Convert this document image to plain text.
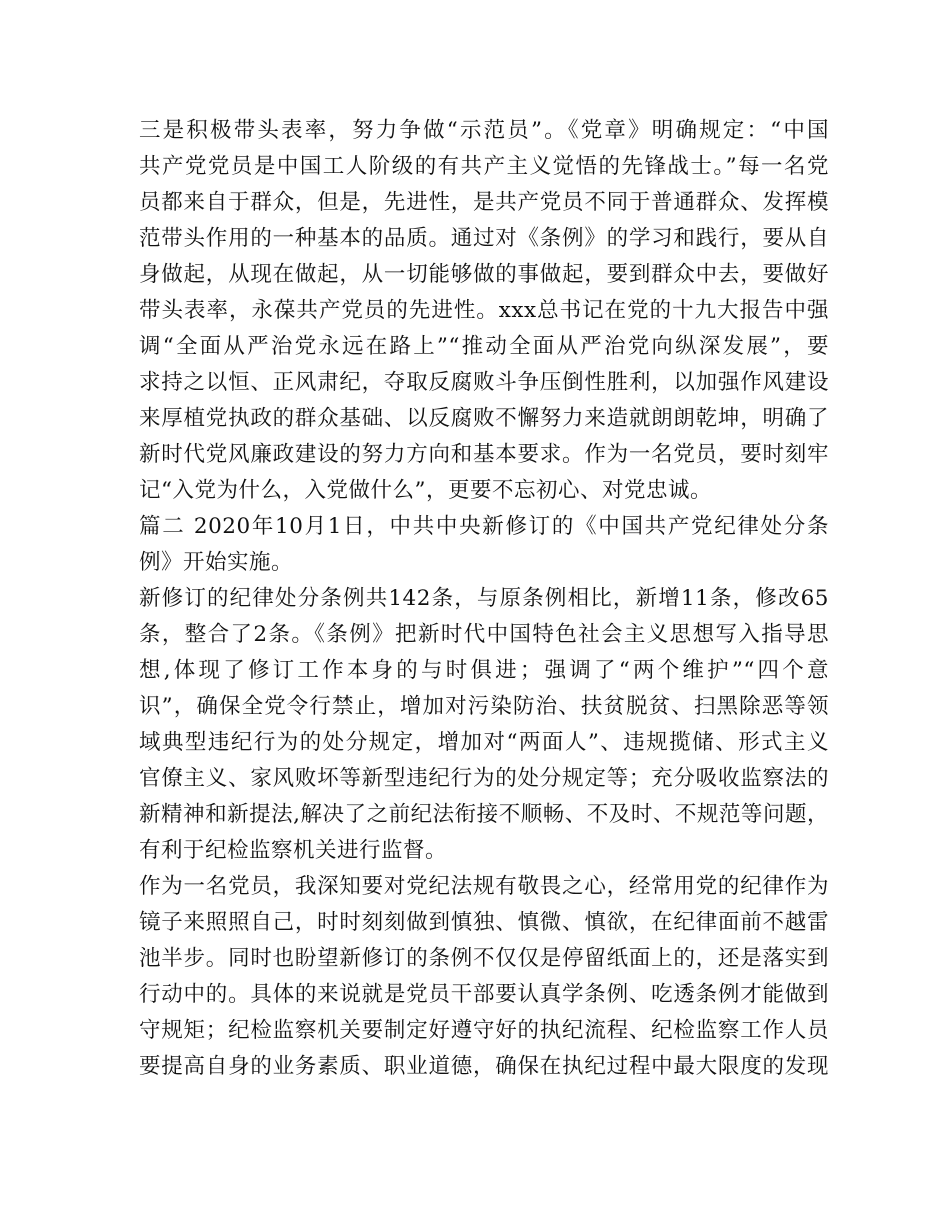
三是积极带头表率，努力争做“示范员”。《党章》明确规定：“中国
共产党党员是中国工人阶级的有共产主义觉悟的先锋战士。”每一名党
员都来自于群众，但是，先进性，是共产党员不同于普通群众、发挥模
范带头作用的一种基本的品质。通过对《条例》的学习和践行，要从自
身做起，从现在做起，从一切能够做的事做起，要到群众中去，要做好
带头表率，永葆共产党员的先进性。xxx总书记在党的十九大报告中强
调“全面从严治党永远在路上”“推动全面从严治党向纵深发展”，要
求持之以恒、正风肃纪，夺取反腐败斗争压倒性胜利，以加强作风建设
来厚植党执政的群众基础、以反腐败不懈努力来造就朗朗乾坤，明确了
新时代党风廉政建设的努力方向和基本要求。作为一名党员，要时刻牢
记“入党为什么，入党做什么”，更要不忘初心、对党忠诚。
篇二 2020年10月1日，中共中央新修订的《中国共产党纪律处分条
例》开始实施。
新修订的纪律处分条例共142条，与原条例相比，新增11条，修改65
条，整合了2条。《条例》把新时代中国特色社会主义思想写入指导思
想,体现了修订工作本身的与时俱进；强调了“两个维护”“四个意
识”，确保全党令行禁止，增加对污染防治、扶贫脱贫、扫黑除恶等领
域典型违纪行为的处分规定，增加对“两面人”、违规揽储、形式主义
官僚主义、家风败坏等新型违纪行为的处分规定等；充分吸收监察法的
新精神和新提法,解决了之前纪法衔接不顺畅、不及时、不规范等问题，
有利于纪检监察机关进行监督。
作为一名党员，我深知要对党纪法规有敬畏之心，经常用党的纪律作为
镜子来照照自己，时时刻刻做到慎独、慎微、慎欲，在纪律面前不越雷
池半步。同时也盼望新修订的条例不仅仅是停留纸面上的，还是落实到
行动中的。具体的来说就是党员干部要认真学条例、吃透条例才能做到
守规矩；纪检监察机关要制定好遵守好的执纪流程、纪检监察工作人员
要提高自身的业务素质、职业道德，确保在执纪过程中最大限度的发现
